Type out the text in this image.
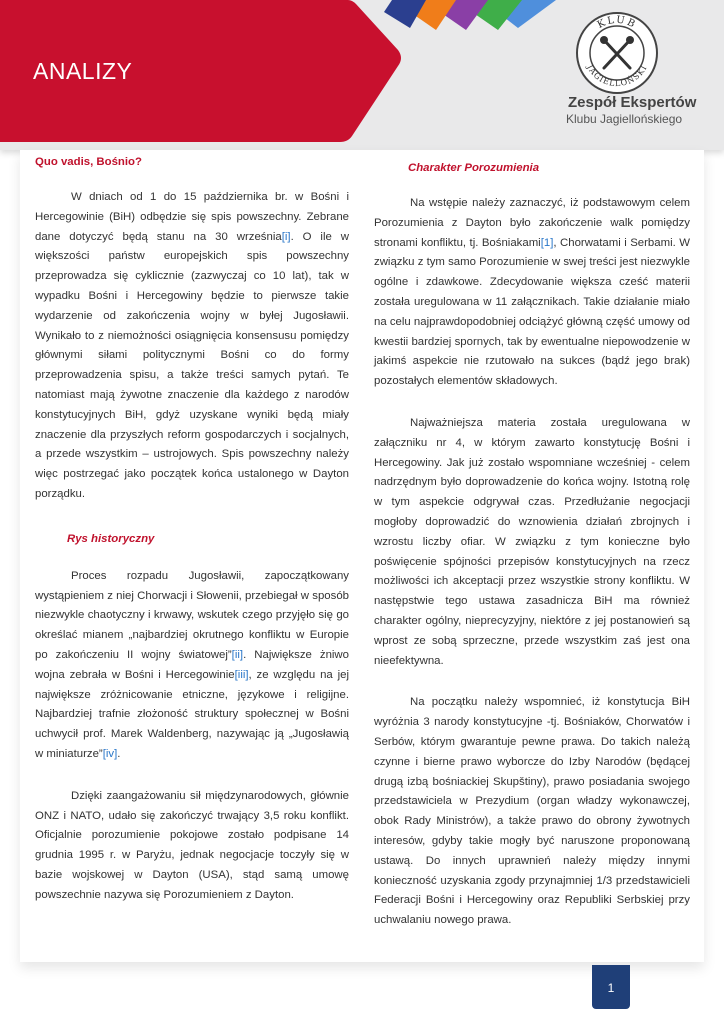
ANALIZY
KLUB
JAGIELLOŃSKI
Zespół Ekspertów
Klubu Jagiellońskiego
Quo vadis, Bośnio?

W dniach od 1 do 15 października br. w Bośni i Hercegowinie (BiH) odbędzie się spis powszechny. Zebrane dane dotyczyć będą stanu na 30 września[i]. O ile w większości państw europejskich spis powszechny przeprowadza się cyklicznie (zazwyczaj co 10 lat), tak w wypadku Bośni i Hercegowiny będzie to pierwsze takie wydarzenie od zakończenia wojny w byłej Jugosławii. Wynikało to z niemożności osiągnięcia konsensusu pomiędzy głównymi siłami politycznymi Bośni co do formy przeprowadzenia spisu, a także treści samych pytań. Te natomiast mają żywotne znaczenie dla każdego z narodów konstytucyjnych BiH, gdyż uzyskane wyniki będą miały znaczenie dla przyszłych reform gospodarczych i socjalnych, a przede wszystkim – ustrojowych. Spis powszechny należy więc postrzegać jako początek końca ustalonego w Dayton porządku.

Rys historyczny

Proces rozpadu Jugosławii, zapoczątkowany wystąpieniem z niej Chorwacji i Słowenii, przebiegał w sposób niezwykle chaotyczny i krwawy, wskutek czego przyjęło się go określać mianem „najbardziej okrutnego konfliktu w Europie po zakończeniu II wojny światowej”[ii]. Największe żniwo wojna zebrała w Bośni i Hercegowinie[iii], ze względu na jej największe zróżnicowanie etniczne, językowe i religijne. Najbardziej trafnie złożoność struktury społecznej w Bośni uchwycił prof. Marek Waldenberg, nazywając ją „Jugosławią w miniaturze”[iv].

Dzięki zaangażowaniu sił międzynarodowych, głównie ONZ i NATO, udało się zakończyć trwający 3,5 roku konflikt. Oficjalnie porozumienie pokojowe zostało podpisane 14 grudnia 1995 r. w Paryżu, jednak negocjacje toczyły się w bazie wojskowej w Dayton (USA), stąd samą umowę powszechnie nazywa się Porozumieniem z Dayton.

Charakter Porozumienia

Na wstępie należy zaznaczyć, iż podstawowym celem Porozumienia z Dayton było zakończenie walk pomiędzy stronami konfliktu, tj. Bośniakami[1], Chorwatami i Serbami. W związku z tym samo Porozumienie w swej treści jest niezwykle ogólne i zdawkowe. Zdecydowanie większa cześć materii została uregulowana w 11 załącznikach. Takie działanie miało na celu najprawdopodobniej odciążyć główną część umowy od kwestii bardziej spornych, tak by ewentualne niepowodzenie w jakimś aspekcie nie rzutowało na sukces (bądź jego brak) pozostałych elementów składowych.

Najważniejsza materia została uregulowana w załączniku nr 4, w którym zawarto konstytucję Bośni i Hercegowiny. Jak już zostało wspomniane wcześniej - celem nadrzędnym było doprowadzenie do końca wojny. Istotną rolę w tym aspekcie odgrywał czas. Przedłużanie negocjacji mogłoby doprowadzić do wznowienia działań zbrojnych i wzrostu liczby ofiar. W związku z tym konieczne było poświęcenie spójności przepisów konstytucyjnych na rzecz możliwości ich akceptacji przez wszystkie strony konfliktu. W następstwie tego ustawa zasadnicza BiH ma również charakter ogólny, nieprecyzyjny, niektóre z jej postanowień są wprost ze sobą sprzeczne, przede wszystkim zaś jest ona nieefektywna.

Na początku należy wspomnieć, iż konstytucja BiH wyróżnia 3 narody konstytucyjne -tj. Bośniaków, Chorwatów i Serbów, którym gwarantuje pewne prawa. Do takich należą czynne i bierne prawo wyborcze do Izby Narodów (będącej drugą izbą bośniackiej Skupštiny), prawo posiadania swojego przedstawiciela w Prezydium (organ władzy wykonawczej, obok Rady Ministrów), a także prawo do obrony żywotnych interesów, gdyby takie mogły być naruszone proponowaną ustawą. Do innych uprawnień należy między innymi konieczność uzyskania zgody przynajmniej 1/3 przedstawicieli Federacji Bośni i Hercegowiny oraz Republiki Serbskiej przy uchwalaniu nowego prawa.

1
